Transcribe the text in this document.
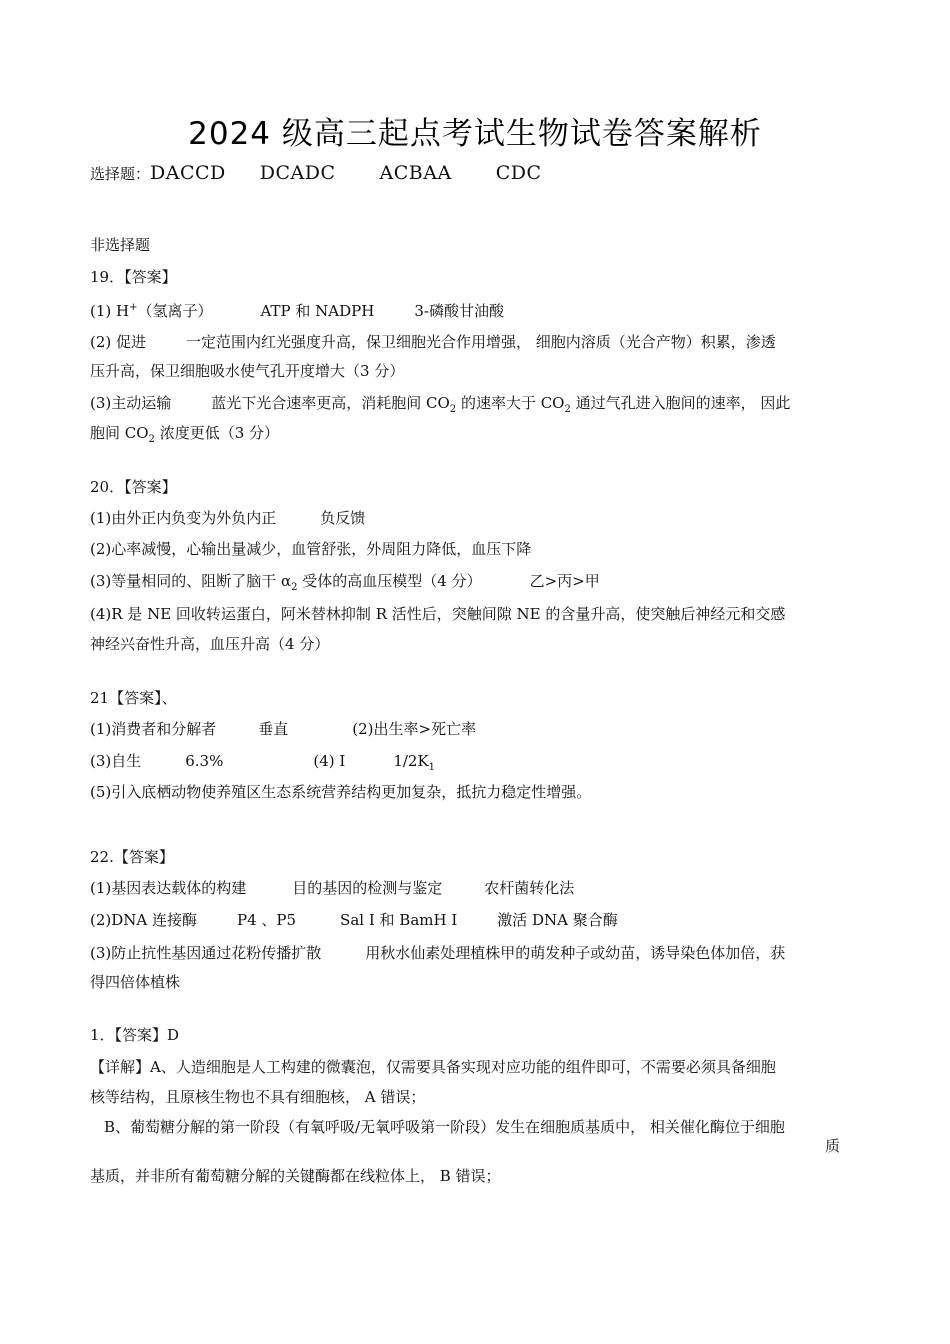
2024 级高三起点考试生物试卷答案解析
选择题：DACCD DCADC ACBAA CDC
非选择题
19．【答案】
(1) H+（氢离子）	ATP 和 NADPH	3-磷酸甘油酸
(2) 促进	一定范围内红光强度升高，保卫细胞光合作用增强， 细胞内溶质（光合产物）积累，渗透
压升高，保卫细胞吸水使气孔开度增大（3 分）
(3)主动运输	蓝光下光合速率更高，消耗胞间 $CO_2$ 的速率大于 $CO_2$ 通过气孔进入胞间的速率， 因此
胞间 $CO_2$ 浓度更低（3 分）
20．【答案】
(1)由外正内负变为外负内正	负反馈
(2)心率减慢，心输出量减少，血管舒张，外周阻力降低，血压下降
(3)等量相同的、阻断了脑干 $\alpha_2$ 受体的高血压模型（4 分）	乙>丙>甲
(4)R 是 NE 回收转运蛋白，阿米替林抑制 R 活性后，突触间隙 NE 的含量升高，使突触后神经元和交感
神经兴奋性升高，血压升高（4 分）
21【答案】、
(1)消费者和分解者	垂直	(2)出生率>死亡率
(3)自生	6.3%	(4) Ⅰ	$1/2K_1$
(5)引入底栖动物使养殖区生态系统营养结构更加复杂，抵抗力稳定性增强。
22.【答案】
(1)基因表达载体的构建	目的基因的检测与鉴定	农杆菌转化法
(2)DNA 连接酶	P4 、P5	Sal I 和 BamH I	激活 DNA 聚合酶
(3)防止抗性基因通过花粉传播扩散	用秋水仙素处理植株甲的萌发种子或幼苗，诱导染色体加倍，获
得四倍体植株
1．【答案】D
【详解】A、人造细胞是人工构建的微囊泡，仅需要具备实现对应功能的组件即可，不需要必须具备细胞
核等结构，且原核生物也不具有细胞核， A 错误；
B、葡萄糖分解的第一阶段（有氧呼吸/无氧呼吸第一阶段）发生在细胞质基质中， 相关催化酶位于细胞
质
基质，并非所有葡萄糖分解的关键酶都在线粒体上， B 错误；
